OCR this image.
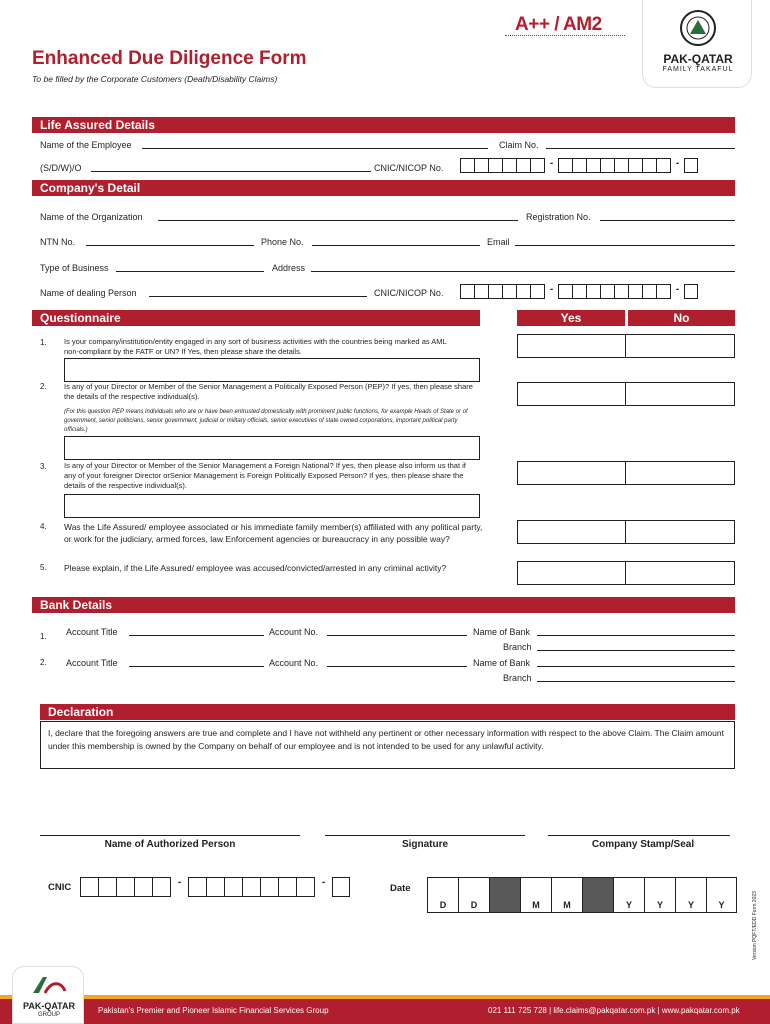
A++ / AM2
PAK-QATAR
FAMILY TAKAFUL
Enhanced Due Diligence Form
To be filled by the Corporate Customers (Death/Disability Claims)
Life Assured Details
Name of the Employee	Claim No.
(S/D/W)/O	CNIC/NICOP No.	-	-
Company's Detail
Name of the Organization	Registration No.
NTN No.	Phone No.	Email
Type of Business	Address
Name of dealing Person	CNIC/NICOP No.	-	-
Questionnaire	Yes	No
1. Is your company/institution/entity engaged in any sort of business activities with the countries being marked as AML non-compliant by the FATF or UN? If Yes, then please share the details.
2. Is any of your Director or Member of the Senior Management a Politically Exposed Person (PEP)? If yes, then please share the details of the respective individual(s).
(For this question PEP means individuals who are or have been entrusted domestically with prominent public functions, for example Heads of State or of government, senior politicians, senior government, judicial or military officials, senior executives of state owned corporations, important political party officials.)
3. Is any of your Director or Member of the Senior Management a Foreign National? If yes, then please also inform us that if any of your foreigner Director orSenior Management is Foreign Politically Exposed Person? If yes, then please share the details of the respective individual(s).
4. Was the Life Assured/ employee associated or his immediate family member(s) affiliated with any political party, or work for the judiciary, armed forces, law Enforcement agencies or bureaucracy in any possible way?
5. Please explain, if the Life Assured/ employee was accused/convicted/arrested in any criminal activity?
Bank Details
1. Account Title	Account No.	Name of Bank
Branch
2. Account Title	Account No.	Name of Bank
Branch
Declaration
I, declare that the foregoing answers are true and complete and I have not withheld any pertinent or other necessary information with respect to the above Claim. The Claim amount under this membership is owned by the Company on behalf of our employee and is not intended to be used for any unlawful activity.
Name of Authorized Person	Signature	Company Stamp/Seal
CNIC	-	-
Date
D	D	M	M	Y	Y	Y	Y	Version PQFT/EDD Form 2023
PAK-QATAR
GROUP	Pakistan's Premier and Pioneer Islamic Financial Services Group	021 111 725 728 | life.claims@pakqatar.com.pk | www.pakqatar.com.pk
